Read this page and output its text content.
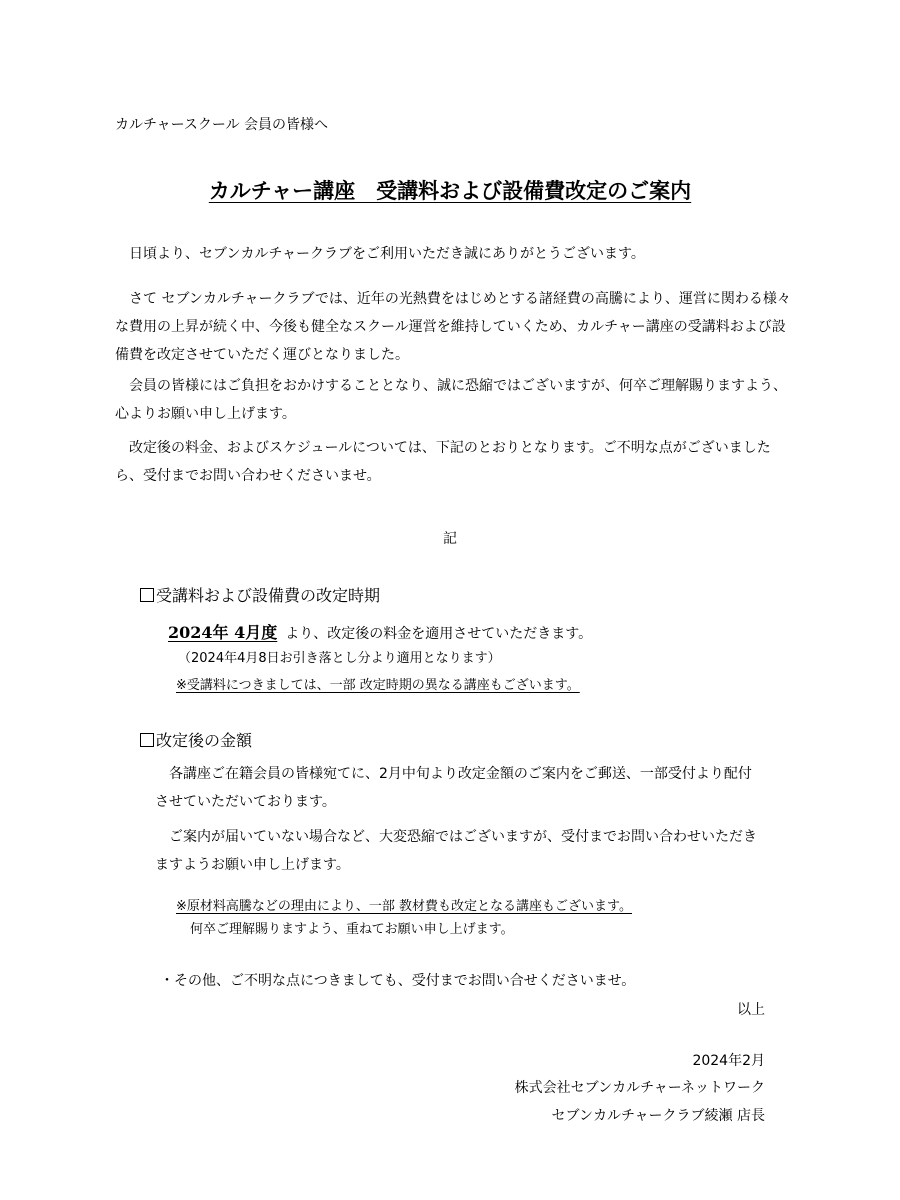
カルチャースクール 会員の皆様へ

カルチャー講座　受講料および設備費改定のご案内

　日頃より、セブンカルチャークラブをご利用いただき誠にありがとうございます。

　さて セブンカルチャークラブでは、近年の光熱費をはじめとする諸経費の高騰により、運営に関わる様々な費用の上昇が続く中、今後も健全なスクール運営を維持していくため、カルチャー講座の受講料および設備費を改定させていただく運びとなりました。

　会員の皆様にはご負担をおかけすることとなり、誠に恐縮ではございますが、何卒ご理解賜りますよう、心よりお願い申し上げます。

　改定後の料金、およびスケジュールについては、下記のとおりとなります。ご不明な点がございましたら、受付までお問い合わせくださいませ。

記

受講料および設備費の改定時期

2024年 4月度 より、改定後の料金を適用させていただきます。

（2024年4月8日お引き落とし分より適用となります）

※受講料につきましては、一部 改定時期の異なる講座もございます。

改定後の金額

　各講座ご在籍会員の皆様宛てに、2月中旬より改定金額のご案内をご郵送、一部受付より配付させていただいております。

　ご案内が届いていない場合など、大変恐縮ではございますが、受付までお問い合わせいただきますようお願い申し上げます。

※原材料高騰などの理由により、一部 教材費も改定となる講座もございます。

何卒ご理解賜りますよう、重ねてお願い申し上げます。

・その他、ご不明な点につきましても、受付までお問い合せくださいませ。

以上

2024年2月

株式会社セブンカルチャーネットワーク

セブンカルチャークラブ綾瀬 店長
